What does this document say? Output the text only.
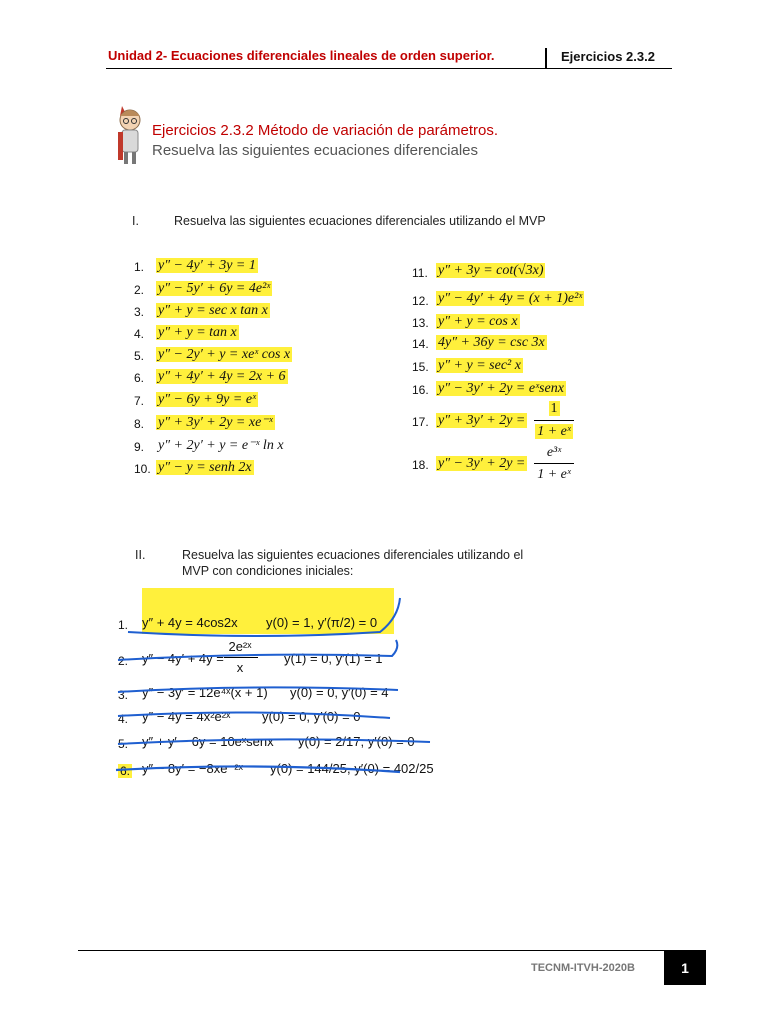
Unidad 2- Ecuaciones diferenciales lineales de orden superior.	Ejercicios 2.3.2
Ejercicios 2.3.2 Método de variación de parámetros.
Resuelva las siguientes ecuaciones diferenciales
I.	Resuelva las siguientes ecuaciones diferenciales utilizando el MVP
1. y″ − 4y′ + 3y = 1
2. y″ − 5y′ + 6y = 4e²ˣ
3. y″ + y = sec x tan x
4. y″ + y = tan x
5. y″ − 2y′ + y = xeˣ cos x
6. y″ + 4y′ + 4y = 2x + 6
7. y″ − 6y + 9y = eˣ
8. y″ + 3y′ + 2y = xe⁻ˣ
9. y″ + 2y′ + y = e⁻ˣ ln x
10. y″ − y = senh 2x
11. y″ + 3y = cot(√3x)
12. y″ − 4y′ + 4y = (x + 1)e²ˣ
13. y″ + y = cos x
14. 4y″ + 36y = csc 3x
15. y″ + y = sec² x
16. y″ − 3y′ + 2y = eˣsenx
17. y″ + 3y′ + 2y =
1
1 + eˣ
18. y″ − 3y′ + 2y =
e³ˣ
1 + eˣ
II.	Resuelva las siguientes ecuaciones diferenciales utilizando el
MVP con condiciones iniciales:
1. y″ + 4y = 4cos2x y(0) = 1, y′(π/2) = 0
2. y″ − 4y′ + 4y =
2e²ˣ
x
y(1) = 0, y′(1) = 1
3. y″ − 3y′ = 12e⁴ˣ(x + 1) y(0) = 0, y′(0) = 4
4. y″ − 4y = 4x²e²ˣ y(0) = 0, y′(0) = 0
5. y″ + y′ − 6y = 10eˣsenx y(0) = 2/17, y′(0) = 0
6. y″ − 8y′ = −8xe⁻²ˣ y(0) = 144/25, y′(0) = 402/25
TECNM-ITVH-2020B	1
